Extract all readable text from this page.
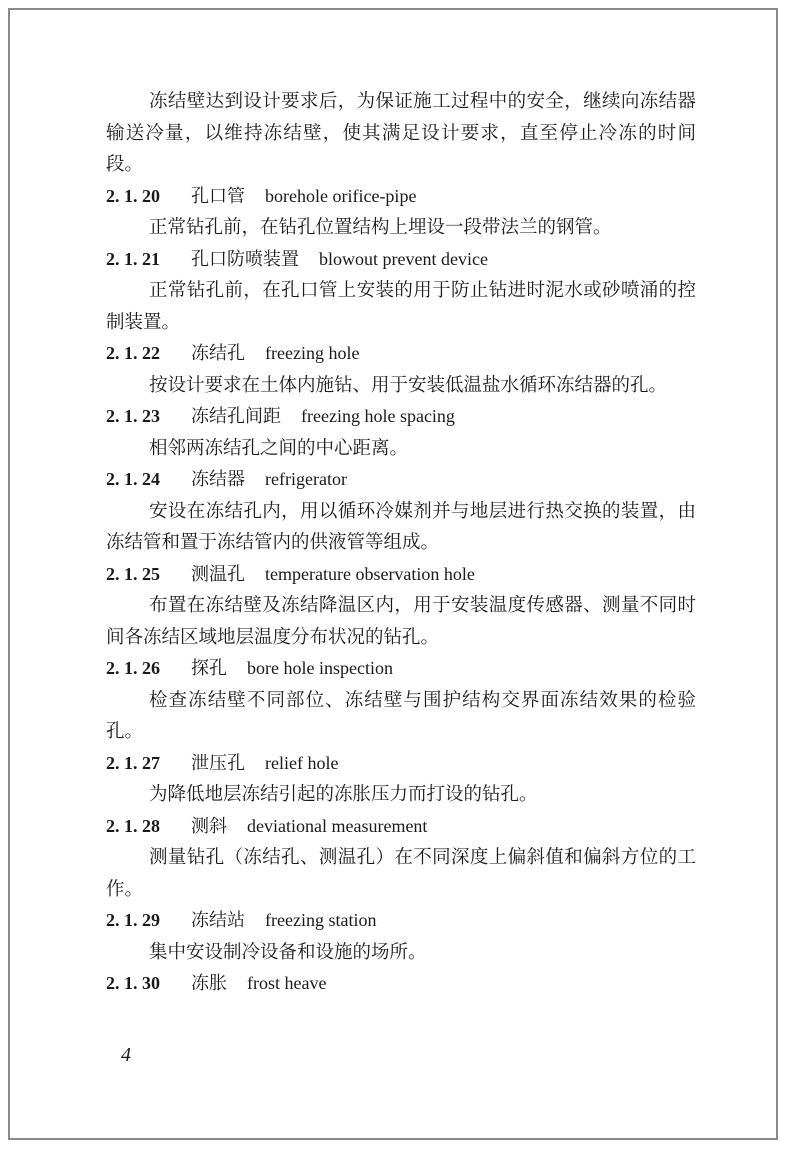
冻结壁达到设计要求后，为保证施工过程中的安全，继续向冻结器输送冷量，以维持冻结壁，使其满足设计要求，直至停止冷冻的时间段。

2. 1. 20 孔口管 borehole orifice-pipe

正常钻孔前，在钻孔位置结构上埋设一段带法兰的钢管。

2. 1. 21 孔口防喷装置 blowout prevent device

正常钻孔前，在孔口管上安装的用于防止钻进时泥水或砂喷涌的控制装置。

2. 1. 22 冻结孔 freezing hole

按设计要求在土体内施钻、用于安装低温盐水循环冻结器的孔。

2. 1. 23 冻结孔间距 freezing hole spacing

相邻两冻结孔之间的中心距离。

2. 1. 24 冻结器 refrigerator

安设在冻结孔内，用以循环冷媒剂并与地层进行热交换的装置，由冻结管和置于冻结管内的供液管等组成。

2. 1. 25 测温孔 temperature observation hole

布置在冻结壁及冻结降温区内，用于安装温度传感器、测量不同时间各冻结区域地层温度分布状况的钻孔。

2. 1. 26 探孔 bore hole inspection

检查冻结壁不同部位、冻结壁与围护结构交界面冻结效果的检验孔。

2. 1. 27 泄压孔 relief hole

为降低地层冻结引起的冻胀压力而打设的钻孔。

2. 1. 28 测斜 deviational measurement

测量钻孔（冻结孔、测温孔）在不同深度上偏斜值和偏斜方位的工作。

2. 1. 29 冻结站 freezing station

集中安设制冷设备和设施的场所。

2. 1. 30 冻胀 frost heave

4
